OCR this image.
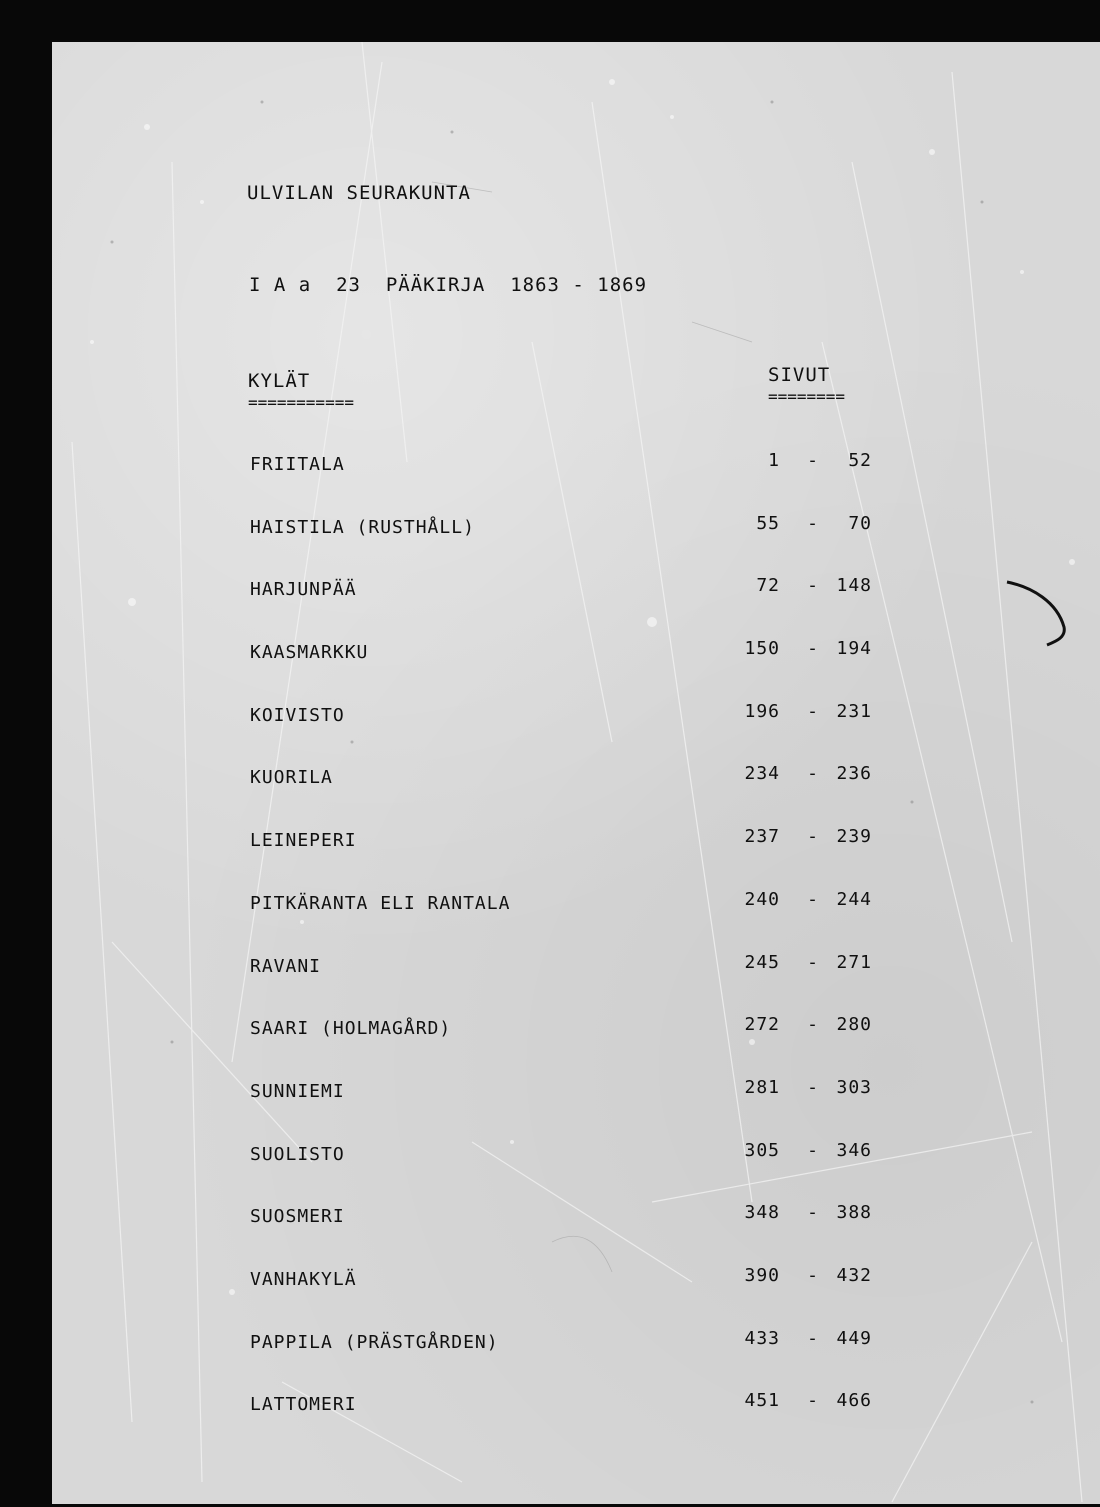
ULVILAN SEURAKUNTA
I A a  23  PÄÄKIRJA  1863 - 1869
KYLÄT
===========
SIVUT
========
FRIITALA	1 -	52
HAISTILA (RUSTHÅLL)	55 -	70
HARJUNPÄÄ	72 - 148
KAASMARKKU	150 - 194
KOIVISTO	196 - 231
KUORILA	234 - 236
LEINEPERI	237 - 239
PITKÄRANTA ELI RANTALA	240 - 244
RAVANI	245 - 271
SAARI (HOLMAGÅRD)	272 - 280
SUNNIEMI	281 - 303
SUOLISTO	305 - 346
SUOSMERI	348 - 388
VANHAKYLÄ	390 - 432
PAPPILA (PRÄSTGÅRDEN)	433 - 449
LATTOMERI	451 - 466
